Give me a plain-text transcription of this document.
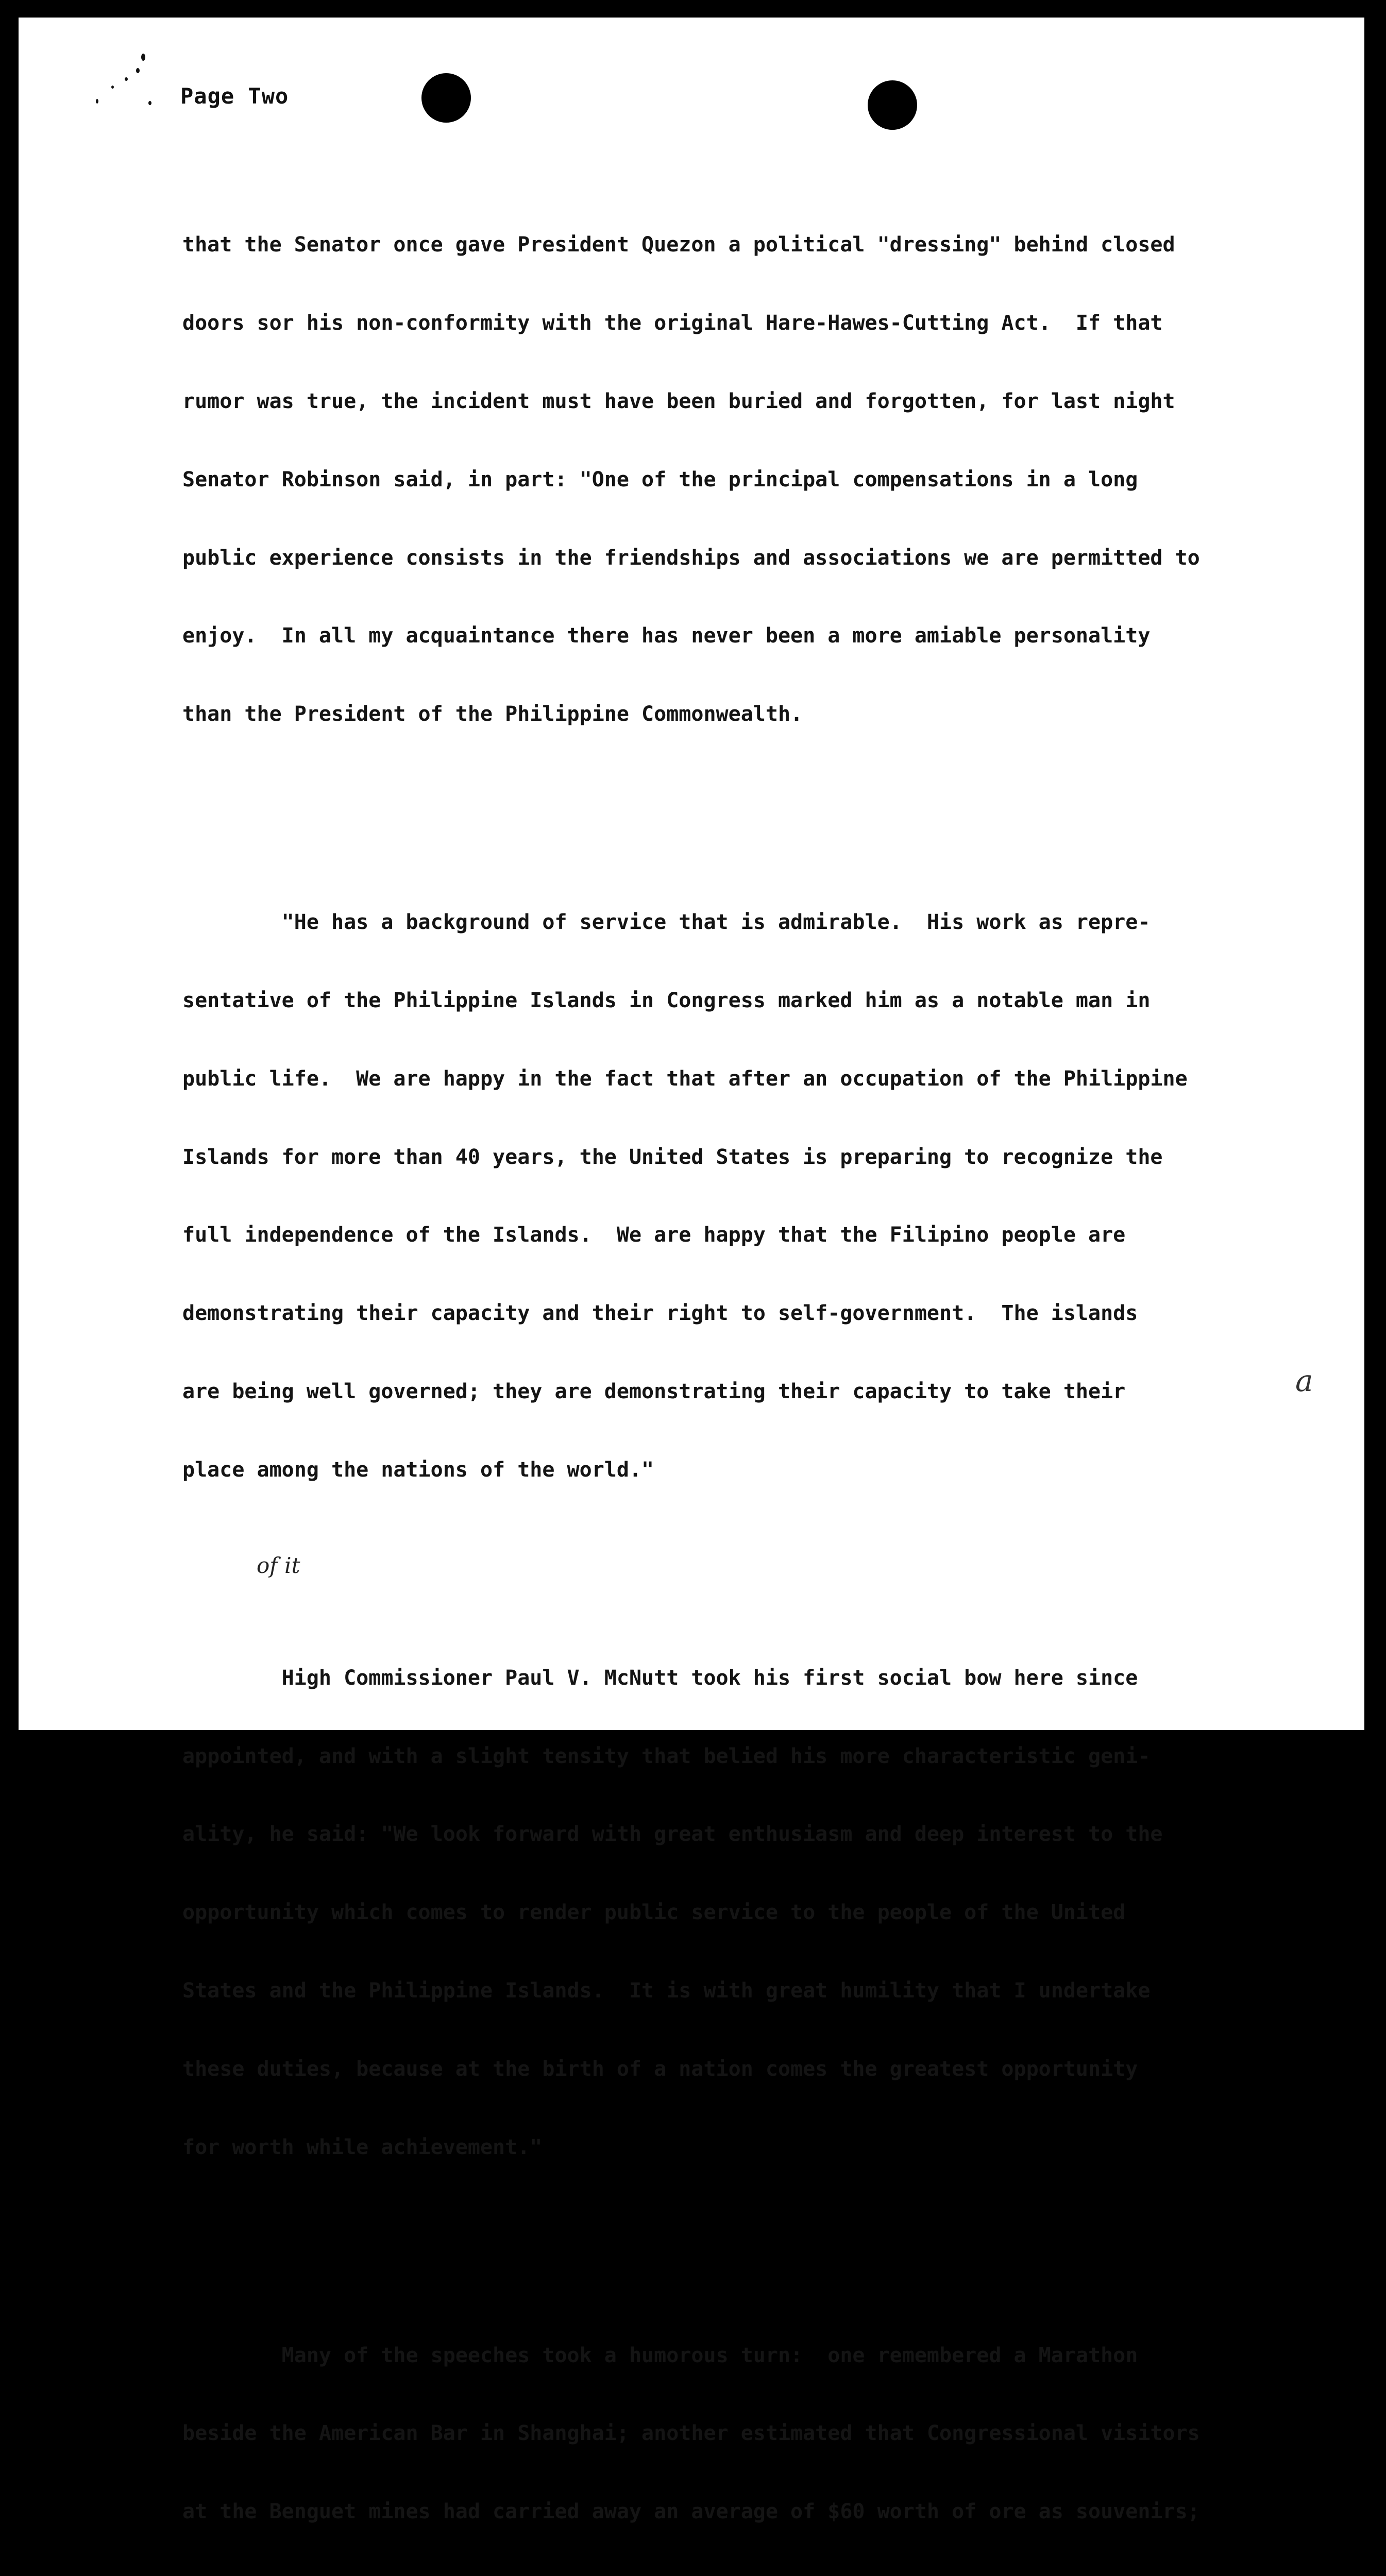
Page Two

that the Senator once gave President Quezon a political "dressing" behind closed

doors sor his non-conformity with the original Hare-Hawes-Cutting Act.  If that

rumor was true, the incident must have been buried and forgotten, for last night

Senator Robinson said, in part: "One of the principal compensations in a long

public experience consists in the friendships and associations we are permitted to

enjoy.  In all my acquaintance there has never been a more amiable personality

than the President of the Philippine Commonwealth.

"He has a background of service that is admirable.  His work as repre-

sentative of the Philippine Islands in Congress marked him as a notable man in

public life.  We are happy in the fact that after an occupation of the Philippine

Islands for more than 40 years, the United States is preparing to recognize the

full independence of the Islands.  We are happy that the Filipino people are

demonstrating their capacity and their right to self-government.  The islands

are being well governed; they are demonstrating their capacity to take their

place among the nations of the world."

High Commissioner Paul V. McNutt took his first social bow here since

appointed, and with a slight tensity that belied his more characteristic geni-

ality, he said: "We look forward with great enthusiasm and deep interest to the

opportunity which comes to render public service to the people of the United

States and the Philippine Islands.  It is with great humility that I undertake

these duties, because at the birth of a nation comes the greatest opportunity

for worth while achievement."

Many of the speeches took a humorous turn:  one remembered a Marathon

beside the American Bar in Shanghai; another estimated that Congressional visitors

at the Benguet mines had carried away an average of $60 worth of ore as souvenirs;

a
of it
